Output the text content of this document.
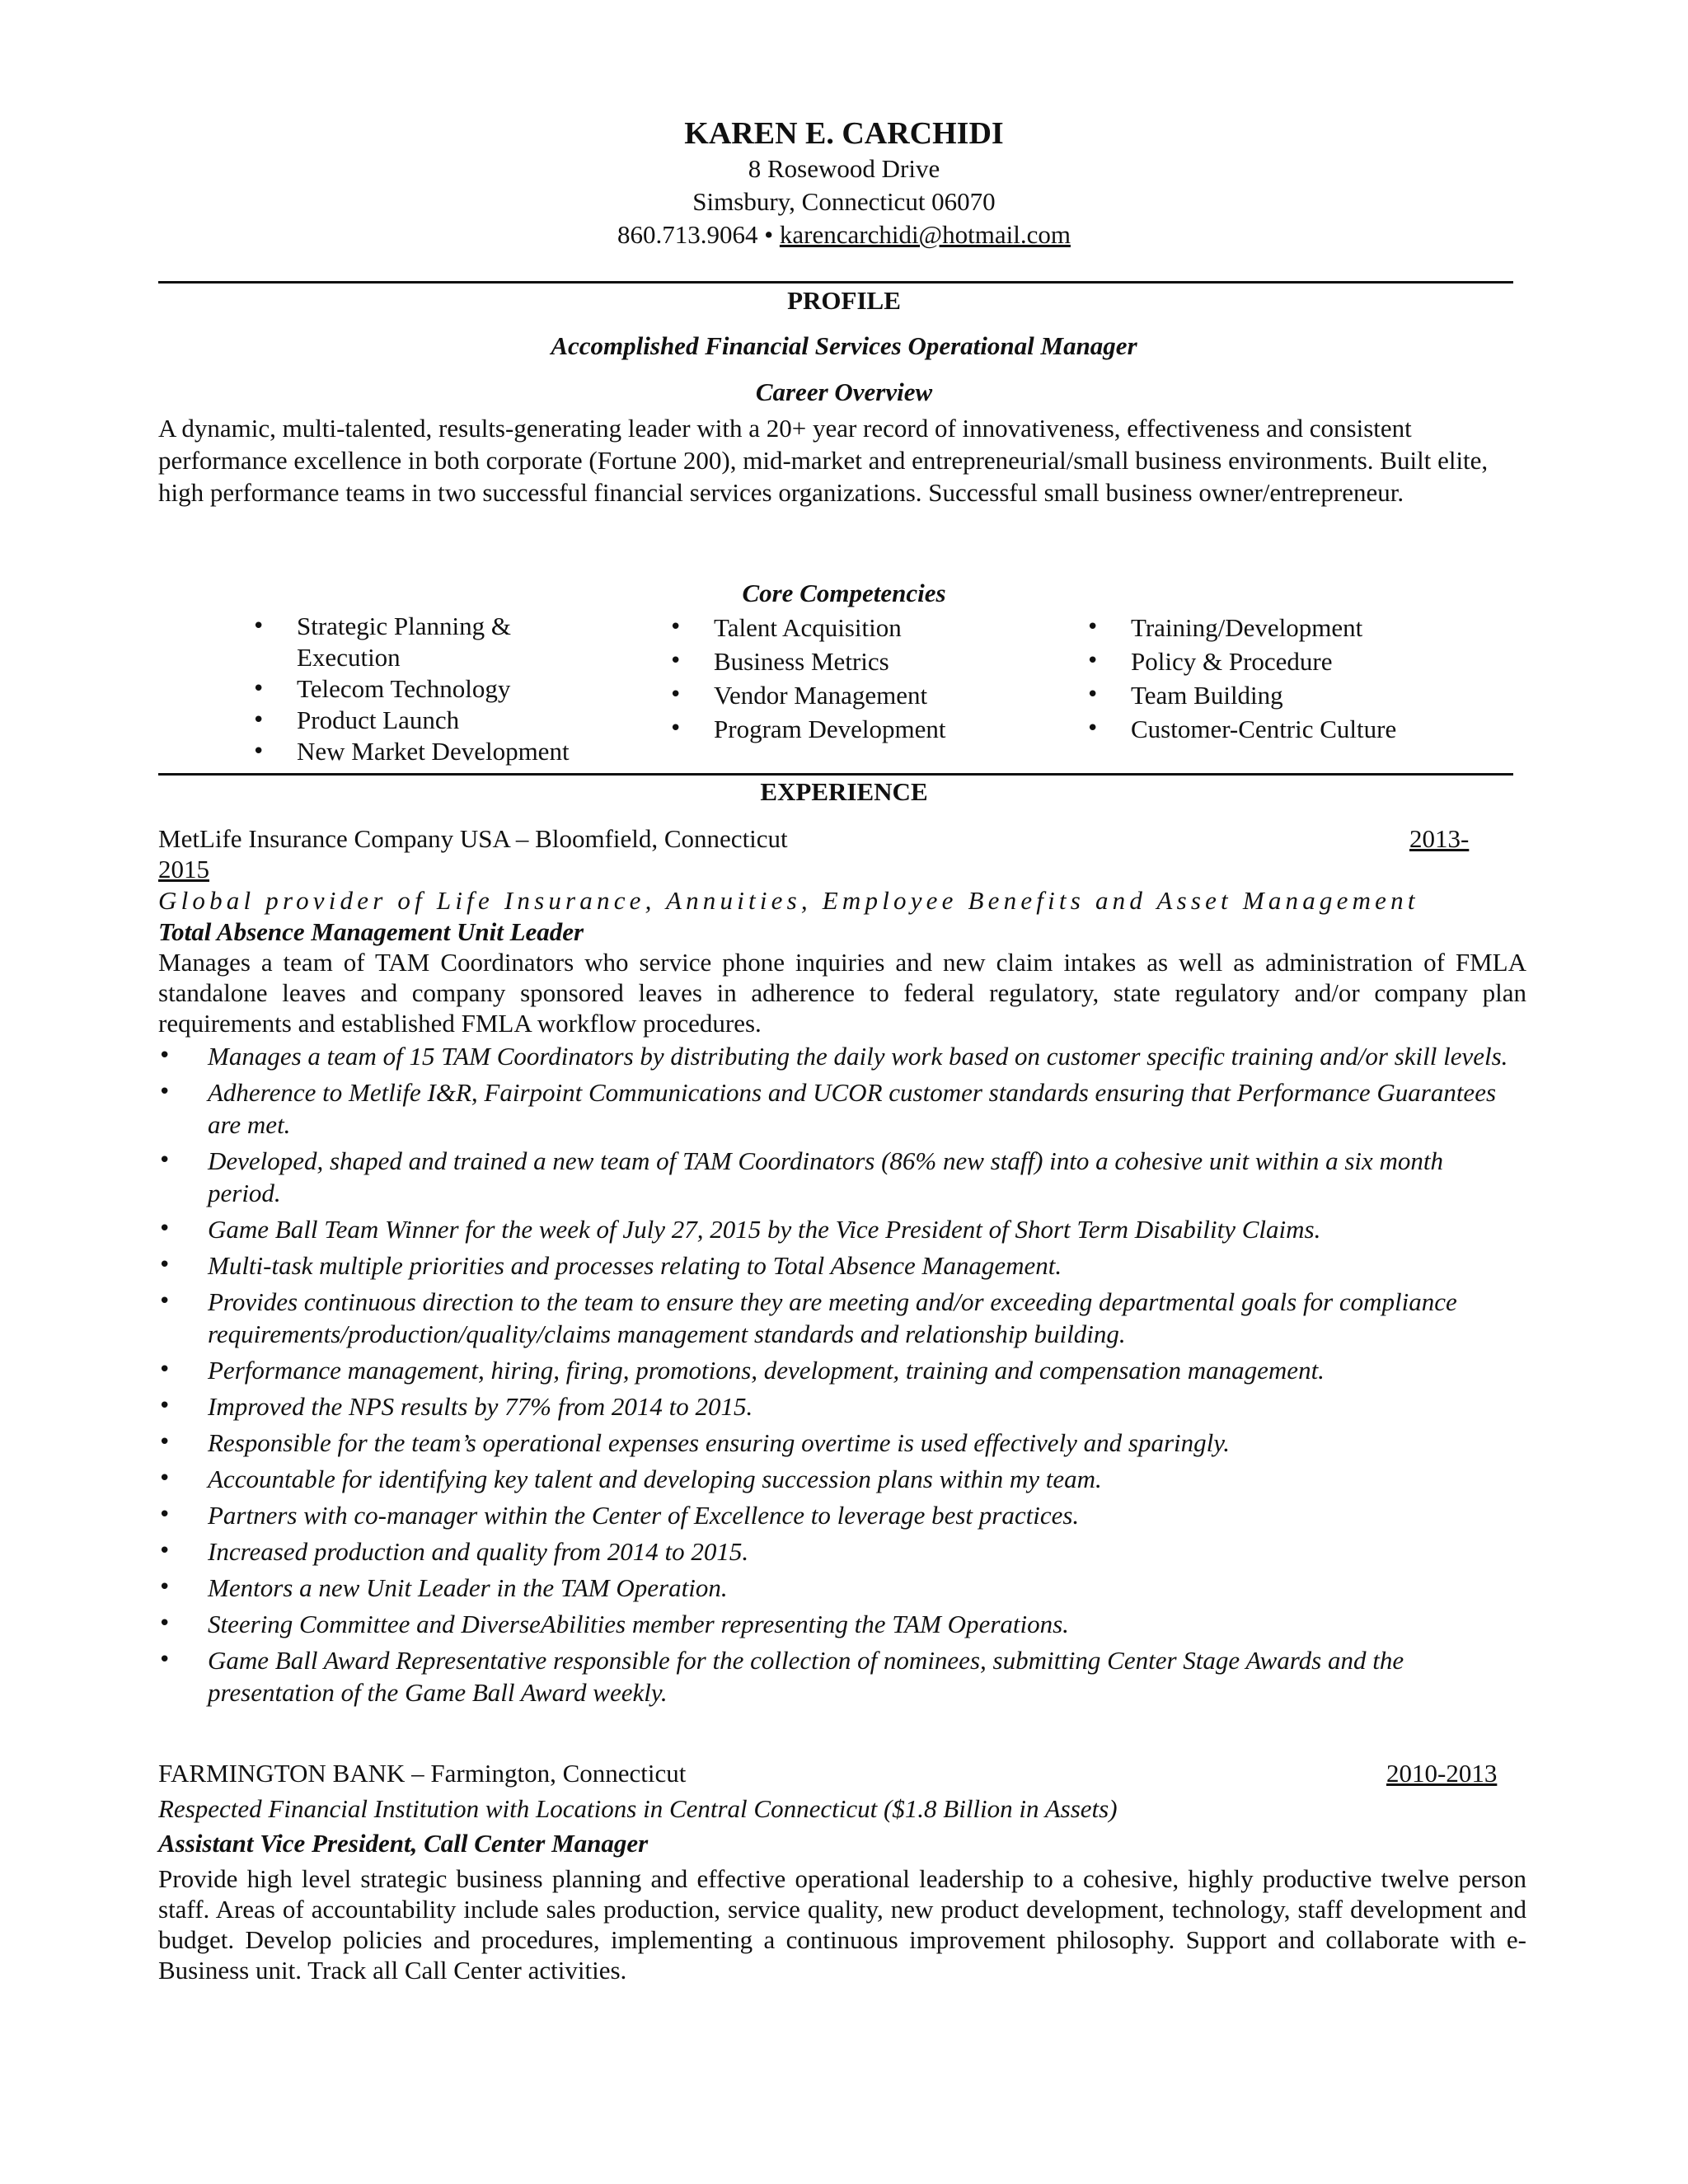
KAREN E. CARCHIDI
8 Rosewood Drive
Simsbury, Connecticut 06070
860.713.9064 • karencarchidi@hotmail.com
PROFILE
Accomplished Financial Services Operational Manager
Career Overview
A dynamic, multi-talented, results-generating leader with a 20+ year record of innovativeness, effectiveness and consistent performance excellence in both corporate (Fortune 200), mid-market and entrepreneurial/small business environments. Built elite, high performance teams in two successful financial services organizations. Successful small business owner/entrepreneur.
Core Competencies
• Strategic Planning & Execution
• Telecom Technology
• Product Launch
• New Market Development
• Talent Acquisition
• Business Metrics
• Vendor Management
• Program Development
• Training/Development
• Policy & Procedure
• Team Building
• Customer-Centric Culture
EXPERIENCE
MetLife Insurance Company USA – Bloomfield, Connecticut	2013-
2015
Global provider of Life Insurance, Annuities, Employee Benefits and Asset Management
Total Absence Management Unit Leader
Manages a team of TAM Coordinators who service phone inquiries and new claim intakes as well as administration of FMLA standalone leaves and company sponsored leaves in adherence to federal regulatory, state regulatory and/or company plan requirements and established FMLA workflow procedures.
• Manages a team of 15 TAM Coordinators by distributing the daily work based on customer specific training and/or skill levels.
• Adherence to Metlife I&R, Fairpoint Communications and UCOR customer standards ensuring that Performance Guarantees are met.
• Developed, shaped and trained a new team of TAM Coordinators (86% new staff) into a cohesive unit within a six month period.
• Game Ball Team Winner for the week of July 27, 2015 by the Vice President of Short Term Disability Claims.
• Multi-task multiple priorities and processes relating to Total Absence Management.
• Provides continuous direction to the team to ensure they are meeting and/or exceeding departmental goals for compliance requirements/production/quality/claims management standards and relationship building.
• Performance management, hiring, firing, promotions, development, training and compensation management.
• Improved the NPS results by 77% from 2014 to 2015.
• Responsible for the team’s operational expenses ensuring overtime is used effectively and sparingly.
• Accountable for identifying key talent and developing succession plans within my team.
• Partners with co-manager within the Center of Excellence to leverage best practices.
• Increased production and quality from 2014 to 2015.
• Mentors a new Unit Leader in the TAM Operation.
• Steering Committee and DiverseAbilities member representing the TAM Operations.
• Game Ball Award Representative responsible for the collection of nominees, submitting Center Stage Awards and the presentation of the Game Ball Award weekly.
FARMINGTON BANK – Farmington, Connecticut	2010-2013
Respected Financial Institution with Locations in Central Connecticut ($1.8 Billion in Assets)
Assistant Vice President, Call Center Manager
Provide high level strategic business planning and effective operational leadership to a cohesive, highly productive twelve person staff. Areas of accountability include sales production, service quality, new product development, technology, staff development and budget. Develop policies and procedures, implementing a continuous improvement philosophy. Support and collaborate with e-Business unit. Track all Call Center activities.
